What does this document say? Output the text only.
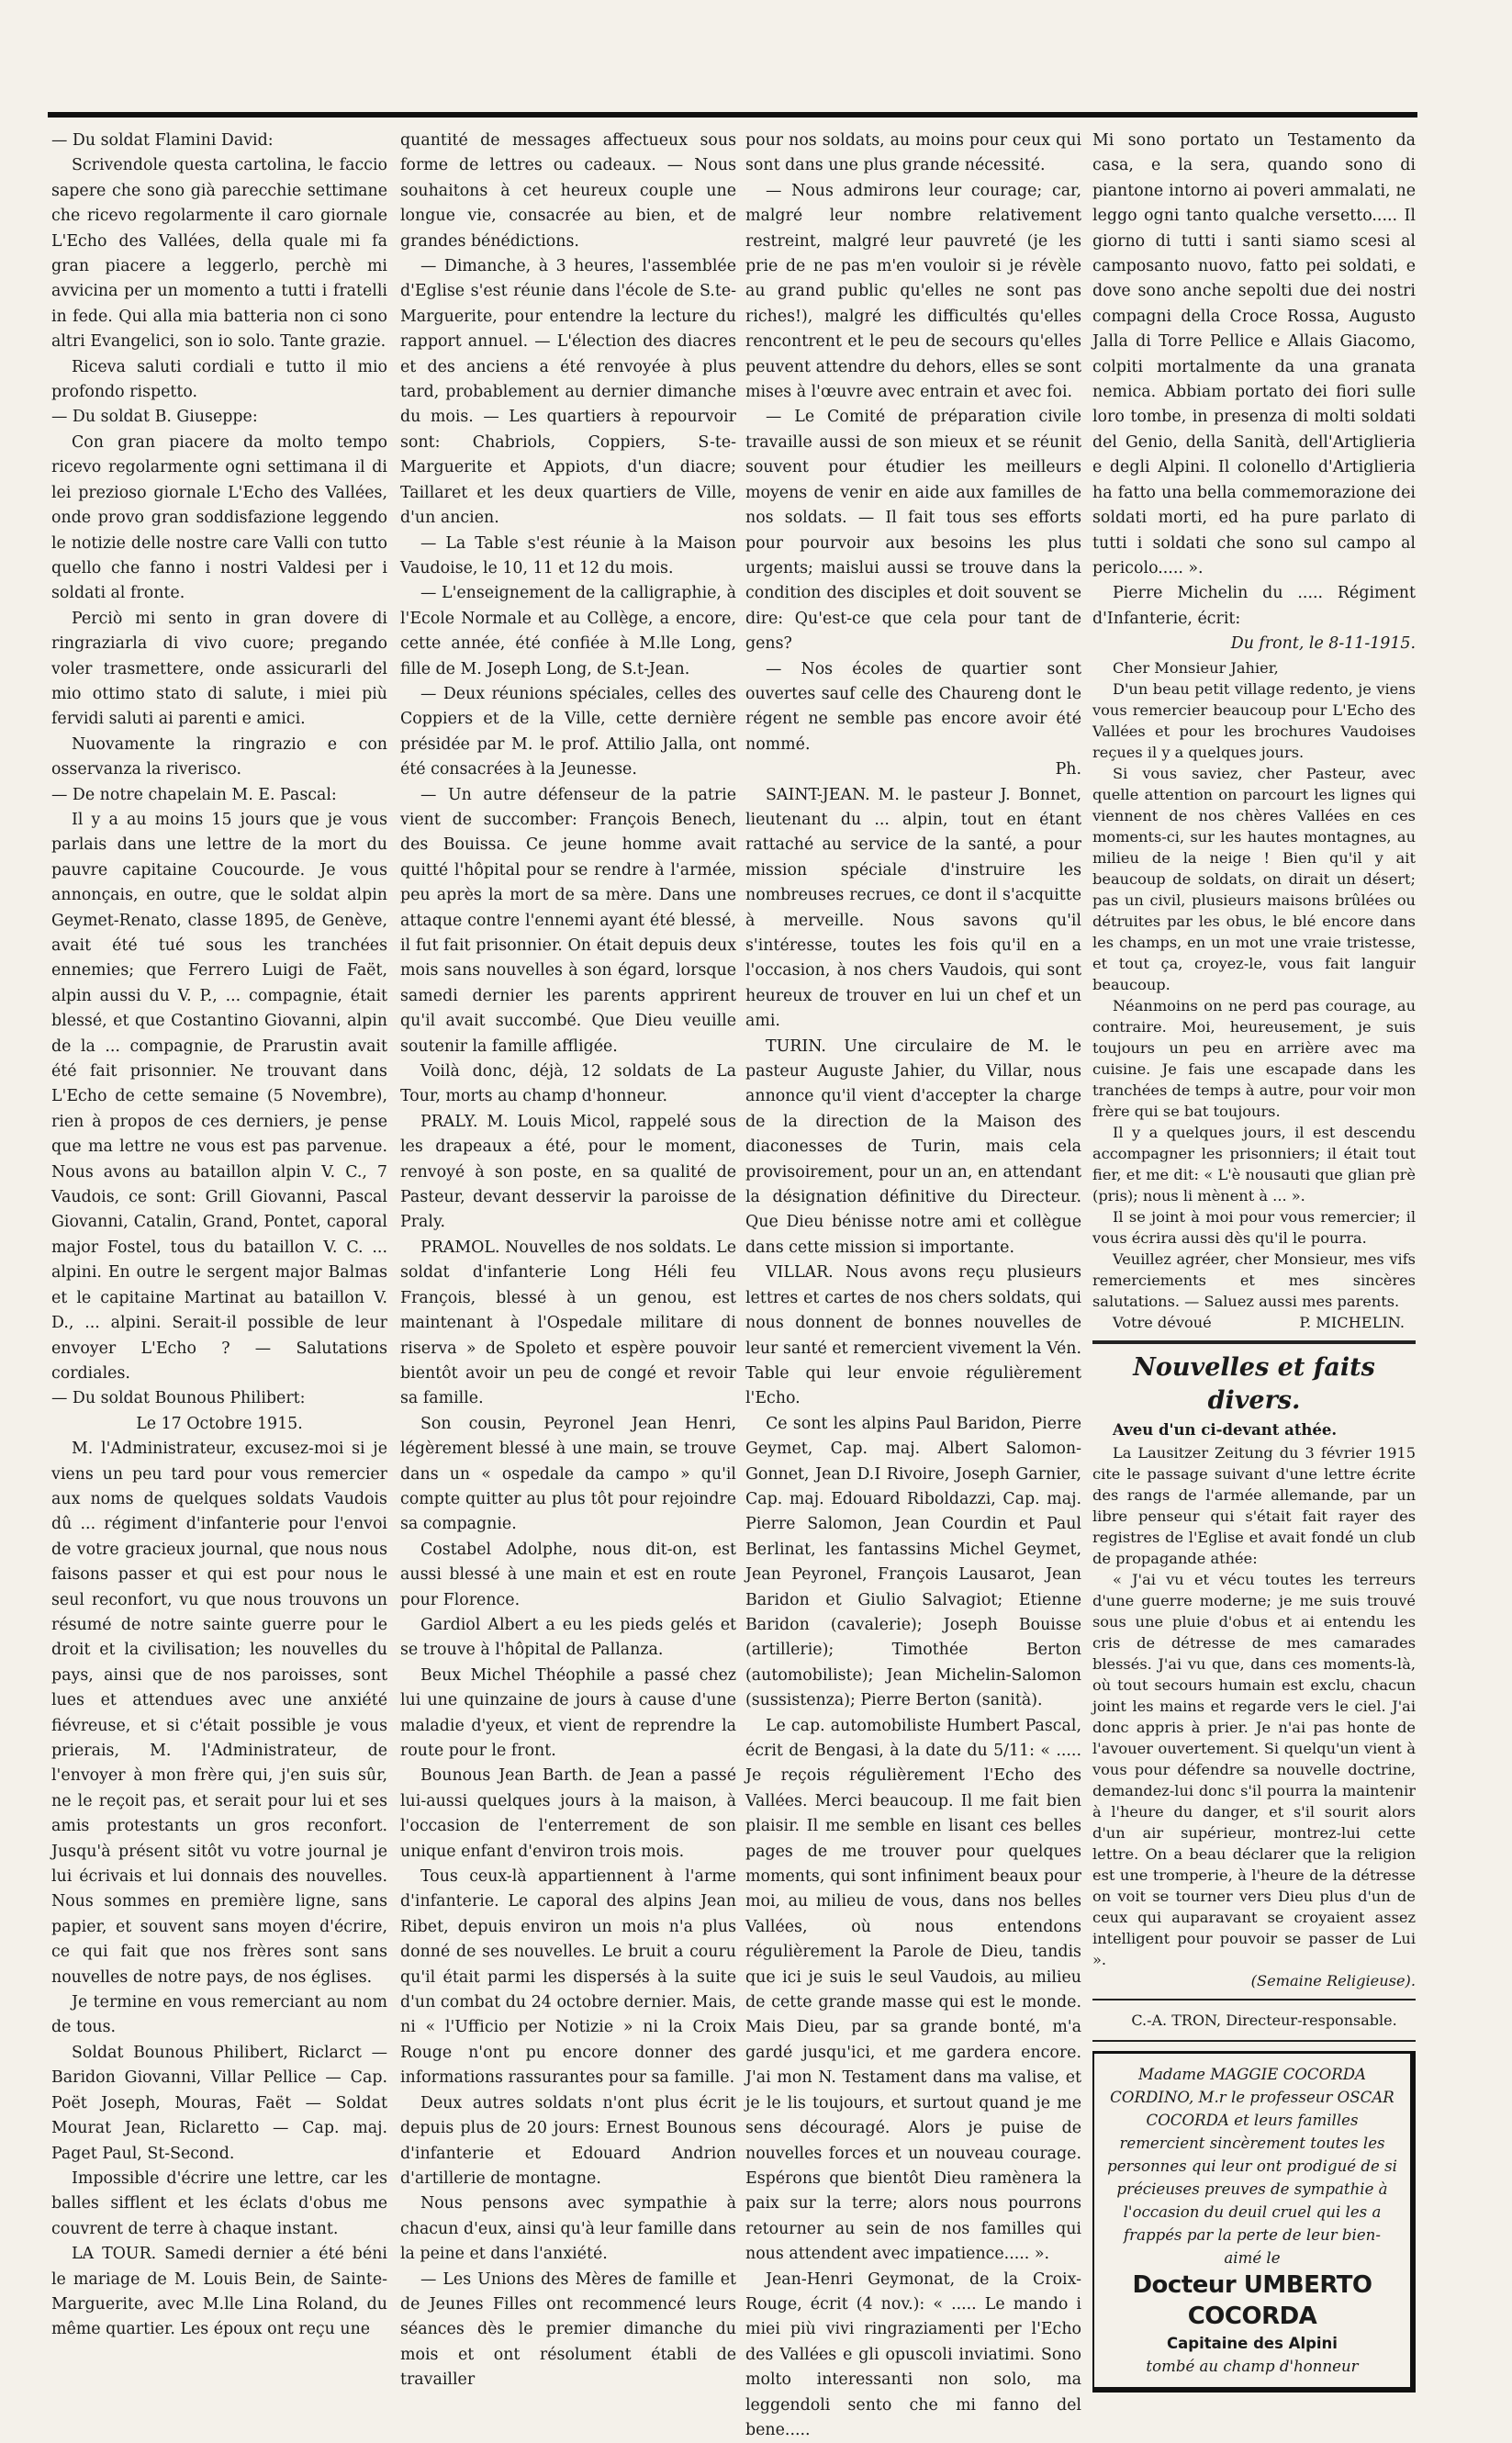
— Du soldat Flamini David:

Scrivendole questa cartolina, le faccio sapere che sono già parecchie settimane che ricevo regolarmente il caro giornale L'Echo des Vallées, della quale mi fa gran piacere a leggerlo, perchè mi avvicina per un momento a tutti i fratelli in fede. Qui alla mia batteria non ci sono altri Evangelici, son io solo. Tante grazie.

Riceva saluti cordiali e tutto il mio profondo rispetto.

— Du soldat B. Giuseppe:

Con gran piacere da molto tempo ricevo regolarmente ogni settimana il di lei prezioso giornale L'Echo des Vallées, onde provo gran soddisfazione leggendo le notizie delle nostre care Valli con tutto quello che fanno i nostri Valdesi per i soldati al fronte.

Perciò mi sento in gran dovere di ringraziarla di vivo cuore; pregando voler trasmettere, onde assicurarli del mio ottimo stato di salute, i miei più fervidi saluti ai parenti e amici.

Nuovamente la ringrazio e con osservanza la riverisco.

— De notre chapelain M. E. Pascal:

Il y a au moins 15 jours que je vous parlais dans une lettre de la mort du pauvre capitaine Coucourde. Je vous annonçais, en outre, que le soldat alpin Geymet-Renato, classe 1895, de Genève, avait été tué sous les tranchées ennemies; que Ferrero Luigi de Faët, alpin aussi du V. P., ... compagnie, était blessé, et que Costantino Giovanni, alpin de la ... compagnie, de Prarustin avait été fait prisonnier. Ne trouvant dans L'Echo de cette semaine (5 Novembre), rien à propos de ces derniers, je pense que ma lettre ne vous est pas parvenue. Nous avons au bataillon alpin V. C., 7 Vaudois, ce sont: Grill Giovanni, Pascal Giovanni, Catalin, Grand, Pontet, caporal major Fostel, tous du bataillon V. C. ... alpini. En outre le sergent major Balmas et le capitaine Martinat au bataillon V. D., ... alpini. Serait-il possible de leur envoyer L'Echo ? — Salutations cordiales.

— Du soldat Bounous Philibert:

Le 17 Octobre 1915.

M. l'Administrateur, excusez-moi si je viens un peu tard pour vous remercier aux noms de quelques soldats Vaudois dû ... régiment d'infanterie pour l'envoi de votre gracieux journal, que nous nous faisons passer et qui est pour nous le seul reconfort, vu que nous trouvons un résumé de notre sainte guerre pour le droit et la civilisation; les nouvelles du pays, ainsi que de nos paroisses, sont lues et attendues avec une anxiété fiévreuse, et si c'était possible je vous prierais, M. l'Administrateur, de l'envoyer à mon frère qui, j'en suis sûr, ne le reçoit pas, et serait pour lui et ses amis protestants un gros reconfort. Jusqu'à présent sitôt vu votre journal je lui écrivais et lui donnais des nouvelles. Nous sommes en première ligne, sans papier, et souvent sans moyen d'écrire, ce qui fait que nos frères sont sans nouvelles de notre pays, de nos églises.

Je termine en vous remerciant au nom de tous.

Soldat Bounous Philibert, Riclarct — Baridon Giovanni, Villar Pellice — Cap. Poët Joseph, Mouras, Faët — Soldat Mourat Jean, Riclaretto — Cap. maj. Paget Paul, St-Second.

Impossible d'écrire une lettre, car les balles sifflent et les éclats d'obus me couvrent de terre à chaque instant.

LA TOUR. Samedi dernier a été béni le mariage de M. Louis Bein, de Sainte-Marguerite, avec M.lle Lina Roland, du même quartier. Les époux ont reçu une

quantité de messages affectueux sous forme de lettres ou cadeaux. — Nous souhaitons à cet heureux couple une longue vie, consacrée au bien, et de grandes bénédictions.

— Dimanche, à 3 heures, l'assemblée d'Eglise s'est réunie dans l'école de S.te-Marguerite, pour entendre la lecture du rapport annuel. — L'élection des diacres et des anciens a été renvoyée à plus tard, probablement au dernier dimanche du mois. — Les quartiers à repourvoir sont: Chabriols, Coppiers, S-te-Marguerite et Appiots, d'un diacre; Taillaret et les deux quartiers de Ville, d'un ancien.

— La Table s'est réunie à la Maison Vaudoise, le 10, 11 et 12 du mois.

— L'enseignement de la calligraphie, à l'Ecole Normale et au Collège, a encore, cette année, été confiée à M.lle Long, fille de M. Joseph Long, de S.t-Jean.

— Deux réunions spéciales, celles des Coppiers et de la Ville, cette dernière présidée par M. le prof. Attilio Jalla, ont été consacrées à la Jeunesse.

— Un autre défenseur de la patrie vient de succomber: François Benech, des Bouissa. Ce jeune homme avait quitté l'hôpital pour se rendre à l'armée, peu après la mort de sa mère. Dans une attaque contre l'ennemi ayant été blessé, il fut fait prisonnier. On était depuis deux mois sans nouvelles à son égard, lorsque samedi dernier les parents apprirent qu'il avait succombé. Que Dieu veuille soutenir la famille affligée.

Voilà donc, déjà, 12 soldats de La Tour, morts au champ d'honneur.

PRALY. M. Louis Micol, rappelé sous les drapeaux a été, pour le moment, renvoyé à son poste, en sa qualité de Pasteur, devant desservir la paroisse de Praly.

PRAMOL. Nouvelles de nos soldats. Le soldat d'infanterie Long Héli feu François, blessé à un genou, est maintenant à l'Ospedale militare di riserva » de Spoleto et espère pouvoir bientôt avoir un peu de congé et revoir sa famille.

Son cousin, Peyronel Jean Henri, légèrement blessé à une main, se trouve dans un « ospedale da campo » qu'il compte quitter au plus tôt pour rejoindre sa compagnie.

Costabel Adolphe, nous dit-on, est aussi blessé à une main et est en route pour Florence.

Gardiol Albert a eu les pieds gelés et se trouve à l'hôpital de Pallanza.

Beux Michel Théophile a passé chez lui une quinzaine de jours à cause d'une maladie d'yeux, et vient de reprendre la route pour le front.

Bounous Jean Barth. de Jean a passé lui-aussi quelques jours à la maison, à l'occasion de l'enterrement de son unique enfant d'environ trois mois.

Tous ceux-là appartiennent à l'arme d'infanterie. Le caporal des alpins Jean Ribet, depuis environ un mois n'a plus donné de ses nouvelles. Le bruit a couru qu'il était parmi les dispersés à la suite d'un combat du 24 octobre dernier. Mais, ni « l'Ufficio per Notizie » ni la Croix Rouge n'ont pu encore donner des informations rassurantes pour sa famille.

Deux autres soldats n'ont plus écrit depuis plus de 20 jours: Ernest Bounous d'infanterie et Edouard Andrion d'artillerie de montagne.

Nous pensons avec sympathie à chacun d'eux, ainsi qu'à leur famille dans la peine et dans l'anxiété.

— Les Unions des Mères de famille et de Jeunes Filles ont recommencé leurs séances dès le premier dimanche du mois et ont résolument établi de travailler

pour nos soldats, au moins pour ceux qui sont dans une plus grande nécessité.

— Nous admirons leur courage; car, malgré leur nombre relativement restreint, malgré leur pauvreté (je les prie de ne pas m'en vouloir si je révèle au grand public qu'elles ne sont pas riches!), malgré les difficultés qu'elles rencontrent et le peu de secours qu'elles peuvent attendre du dehors, elles se sont mises à l'œuvre avec entrain et avec foi.

— Le Comité de préparation civile travaille aussi de son mieux et se réunit souvent pour étudier les meilleurs moyens de venir en aide aux familles de nos soldats. — Il fait tous ses efforts pour pourvoir aux besoins les plus urgents; maislui aussi se trouve dans la condition des disciples et doit souvent se dire: Qu'est-ce que cela pour tant de gens?

— Nos écoles de quartier sont ouvertes sauf celle des Chaureng dont le régent ne semble pas encore avoir été nommé.

Ph.

SAINT-JEAN. M. le pasteur J. Bonnet, lieutenant du ... alpin, tout en étant rattaché au service de la santé, a pour mission spéciale d'instruire les nombreuses recrues, ce dont il s'acquitte à merveille. Nous savons qu'il s'intéresse, toutes les fois qu'il en a l'occasion, à nos chers Vaudois, qui sont heureux de trouver en lui un chef et un ami.

TURIN. Une circulaire de M. le pasteur Auguste Jahier, du Villar, nous annonce qu'il vient d'accepter la charge de la direction de la Maison des diaconesses de Turin, mais cela provisoirement, pour un an, en attendant la désignation définitive du Directeur. Que Dieu bénisse notre ami et collègue dans cette mission si importante.

VILLAR. Nous avons reçu plusieurs lettres et cartes de nos chers soldats, qui nous donnent de bonnes nouvelles de leur santé et remercient vivement la Vén. Table qui leur envoie régulièrement l'Echo.

Ce sont les alpins Paul Baridon, Pierre Geymet, Cap. maj. Albert Salomon-Gonnet, Jean D.I Rivoire, Joseph Garnier, Cap. maj. Edouard Riboldazzi, Cap. maj. Pierre Salomon, Jean Courdin et Paul Berlinat, les fantassins Michel Geymet, Jean Peyronel, François Lausarot, Jean Baridon et Giulio Salvagiot; Etienne Baridon (cavalerie); Joseph Bouisse (artillerie); Timothée Berton (automobiliste); Jean Michelin-Salomon (sussistenza); Pierre Berton (sanità).

Le cap. automobiliste Humbert Pascal, écrit de Bengasi, à la date du 5/11: « ..... Je reçois régulièrement l'Echo des Vallées. Merci beaucoup. Il me fait bien plaisir. Il me semble en lisant ces belles pages de me trouver pour quelques moments, qui sont infiniment beaux pour moi, au milieu de vous, dans nos belles Vallées, où nous entendons régulièrement la Parole de Dieu, tandis que ici je suis le seul Vaudois, au milieu de cette grande masse qui est le monde. Mais Dieu, par sa grande bonté, m'a gardé jusqu'ici, et me gardera encore. J'ai mon N. Testament dans ma valise, et je le lis toujours, et surtout quand je me sens découragé. Alors je puise de nouvelles forces et un nouveau courage. Espérons que bientôt Dieu ramènera la paix sur la terre; alors nous pourrons retourner au sein de nos familles qui nous attendent avec impatience..... ».

Jean-Henri Geymonat, de la Croix-Rouge, écrit (4 nov.): « ..... Le mando i miei più vivi ringraziamenti per l'Echo des Vallées e gli opuscoli inviatimi. Sono molto interessanti non solo, ma leggendoli sento che mi fanno del bene.....

Mi sono portato un Testamento da casa, e la sera, quando sono di piantone intorno ai poveri ammalati, ne leggo ogni tanto qualche versetto..... Il giorno di tutti i santi siamo scesi al camposanto nuovo, fatto pei soldati, e dove sono anche sepolti due dei nostri compagni della Croce Rossa, Augusto Jalla di Torre Pellice e Allais Giacomo, colpiti mortalmente da una granata nemica. Abbiam portato dei fiori sulle loro tombe, in presenza di molti soldati del Genio, della Sanità, dell'Artiglieria e degli Alpini. Il colonello d'Artiglieria ha fatto una bella commemorazione dei soldati morti, ed ha pure parlato di tutti i soldati che sono sul campo al pericolo..... ».

Pierre Michelin du ..... Régiment d'Infanterie, écrit:

Du front, le 8-11-1915.

Cher Monsieur Jahier,

D'un beau petit village redento, je viens vous remercier beaucoup pour L'Echo des Vallées et pour les brochures Vaudoises reçues il y a quelques jours.

Si vous saviez, cher Pasteur, avec quelle attention on parcourt les lignes qui viennent de nos chères Vallées en ces moments-ci, sur les hautes montagnes, au milieu de la neige ! Bien qu'il y ait beaucoup de soldats, on dirait un désert; pas un civil, plusieurs maisons brûlées ou détruites par les obus, le blé encore dans les champs, en un mot une vraie tristesse, et tout ça, croyez-le, vous fait languir beaucoup.

Néanmoins on ne perd pas courage, au contraire. Moi, heureusement, je suis toujours un peu en arrière avec ma cuisine. Je fais une escapade dans les tranchées de temps à autre, pour voir mon frère qui se bat toujours.

Il y a quelques jours, il est descendu accompagner les prisonniers; il était tout fier, et me dit: « L'è nousauti que glian prè (pris); nous li mènent à ... ».

Il se joint à moi pour vous remercier; il vous écrira aussi dès qu'il le pourra.

Veuillez agréer, cher Monsieur, mes vifs remerciements et mes sincères salutations. — Saluez aussi mes parents.

Votre dévoué	P. MICHELIN.

Nouvelles et faits divers.

Aveu d'un ci-devant athée.

La Lausitzer Zeitung du 3 février 1915 cite le passage suivant d'une lettre écrite des rangs de l'armée allemande, par un libre penseur qui s'était fait rayer des registres de l'Eglise et avait fondé un club de propagande athée:

« J'ai vu et vécu toutes les terreurs d'une guerre moderne; je me suis trouvé sous une pluie d'obus et ai entendu les cris de détresse de mes camarades blessés. J'ai vu que, dans ces moments-là, où tout secours humain est exclu, chacun joint les mains et regarde vers le ciel. J'ai donc appris à prier. Je n'ai pas honte de l'avouer ouvertement. Si quelqu'un vient à vous pour défendre sa nouvelle doctrine, demandez-lui donc s'il pourra la maintenir à l'heure du danger, et s'il sourit alors d'un air supérieur, montrez-lui cette lettre. On a beau déclarer que la religion est une tromperie, à l'heure de la détresse on voit se tourner vers Dieu plus d'un de ceux qui auparavant se croyaient assez intelligent pour pouvoir se passer de Lui ».

(Semaine Religieuse).

C.-A. TRON, Directeur-responsable.

Madame MAGGIE COCORDA CORDINO, M.r le professeur OSCAR COCORDA et leurs familles remercient sincèrement toutes les personnes qui leur ont prodigué de si précieuses preuves de sympathie à l'occasion du deuil cruel qui les a frappés par la perte de leur bien-aimé le
Docteur UMBERTO COCORDA
Capitaine des Alpini
tombé au champ d'honneur
